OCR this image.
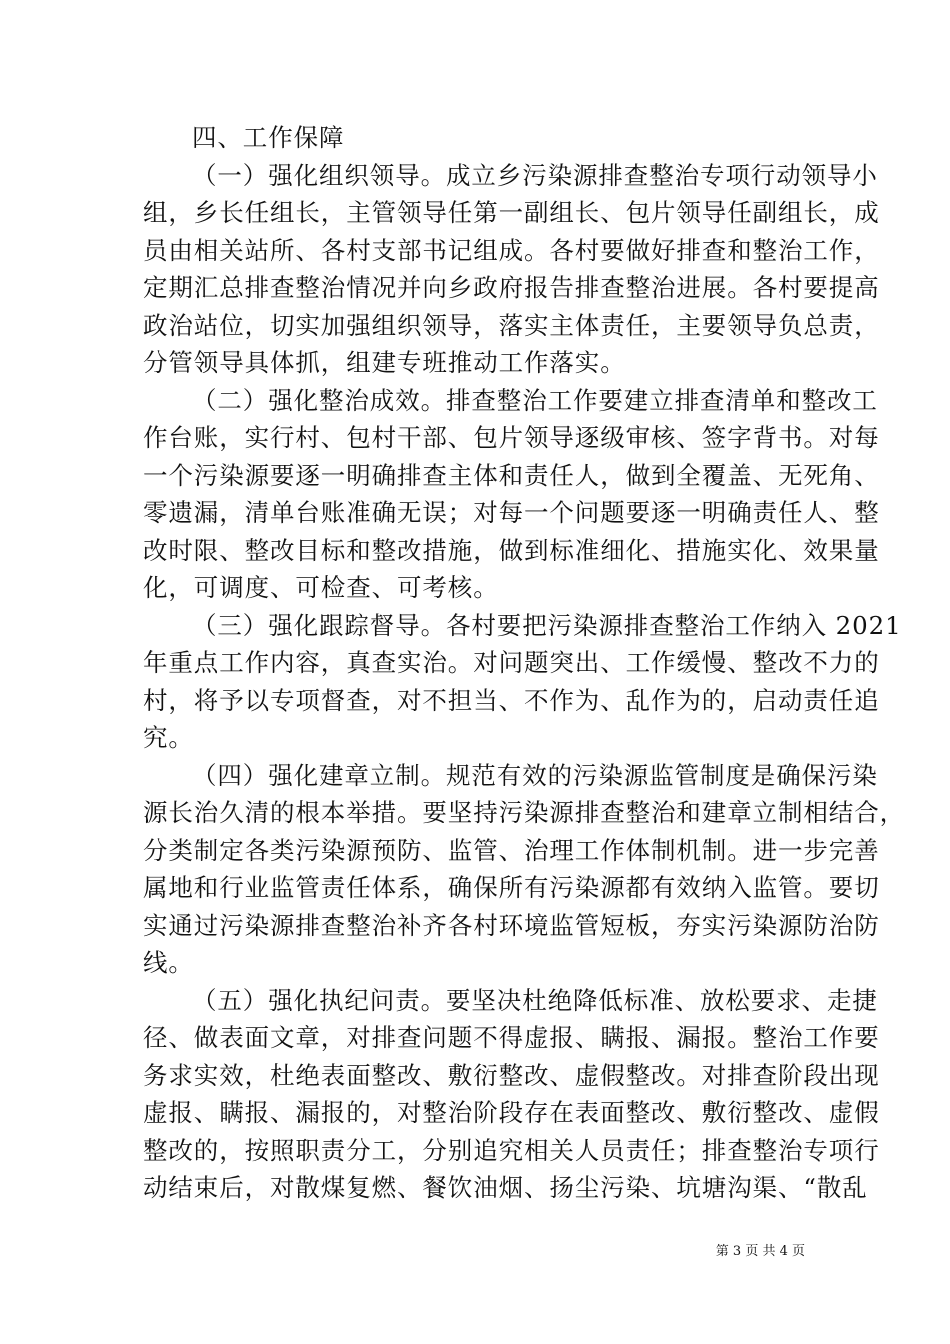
四、工作保障
（一）强化组织领导。成立乡污染源排查整治专项行动领导小
组，乡长任组长，主管领导任第一副组长、包片领导任副组长，成
员由相关站所、各村支部书记组成。各村要做好排查和整治工作，
定期汇总排查整治情况并向乡政府报告排查整治进展。各村要提高
政治站位，切实加强组织领导，落实主体责任，主要领导负总责，
分管领导具体抓，组建专班推动工作落实。
（二）强化整治成效。排查整治工作要建立排查清单和整改工
作台账，实行村、包村干部、包片领导逐级审核、签字背书。对每
一个污染源要逐一明确排查主体和责任人，做到全覆盖、无死角、
零遗漏，清单台账准确无误；对每一个问题要逐一明确责任人、整
改时限、整改目标和整改措施，做到标准细化、措施实化、效果量
化，可调度、可检查、可考核。
（三）强化跟踪督导。各村要把污染源排查整治工作纳入 2021
年重点工作内容，真查实治。对问题突出、工作缓慢、整改不力的
村，将予以专项督查，对不担当、不作为、乱作为的，启动责任追
究。
（四）强化建章立制。规范有效的污染源监管制度是确保污染
源长治久清的根本举措。要坚持污染源排查整治和建章立制相结合，
分类制定各类污染源预防、监管、治理工作体制机制。进一步完善
属地和行业监管责任体系，确保所有污染源都有效纳入监管。要切
实通过污染源排查整治补齐各村环境监管短板，夯实污染源防治防
线。
（五）强化执纪问责。要坚决杜绝降低标准、放松要求、走捷
径、做表面文章，对排查问题不得虚报、瞒报、漏报。整治工作要
务求实效，杜绝表面整改、敷衍整改、虚假整改。对排查阶段出现
虚报、瞒报、漏报的，对整治阶段存在表面整改、敷衍整改、虚假
整改的，按照职责分工，分别追究相关人员责任；排查整治专项行
动结束后，对散煤复燃、餐饮油烟、扬尘污染、坑塘沟渠、“散乱
第 3 页 共 4 页
